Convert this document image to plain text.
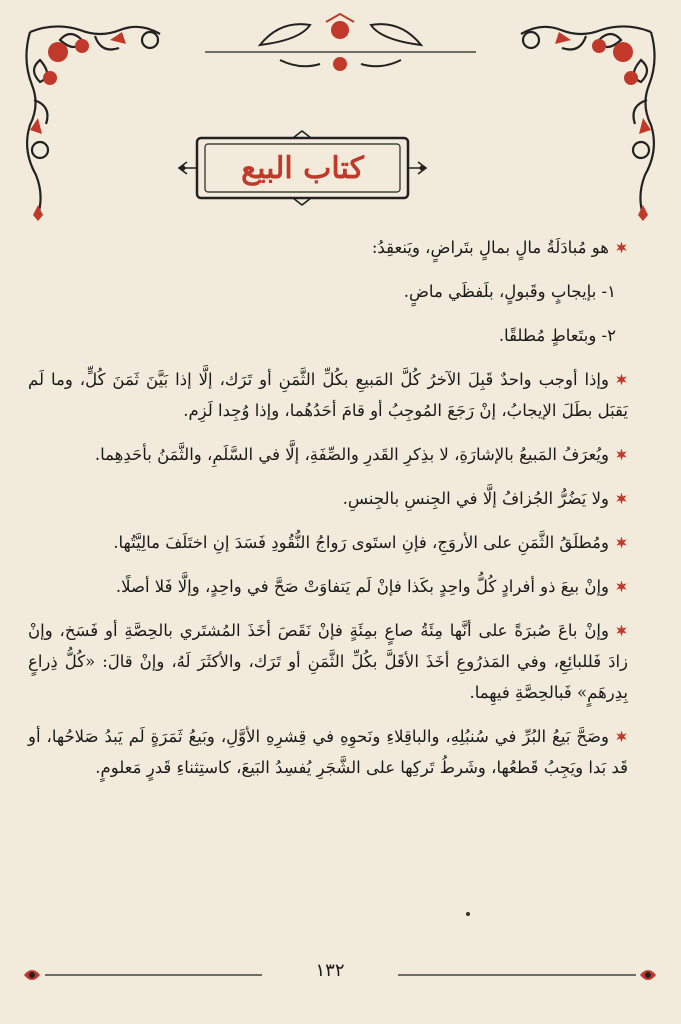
كتاب البيع

هو مُبادَلَةُ مالٍ بمالٍ بتَراضٍ، ويَنعقِدُ:

١- بإيجابٍ وقَبولٍ، بلَفظَي ماضٍ.

٢- وبتَعاطٍ مُطلقًا.

وإذا أوجب واحدٌ قَبِلَ الآخرُ كُلَّ المَبيعِ بكُلِّ الثَّمَنِ أو تَرَك، إلَّا إذا بَيَّنَ ثَمَنَ كُلٍّ، وما لَم يَقبَل بطَلَ الإيجابُ، إنْ رَجَعَ المُوجِبُ أو قامَ أحَدُهُما، وإذا وُجِدا لَزِم.

ويُعرَفُ المَبيعُ بالإشارَةِ، لا بذِكرِ القَدرِ والصِّفَةِ، إلَّا في السَّلَمِ، والثَّمَنُ بأحَدِهِما.

ولا يَضُرُّ الجُزافُ إلَّا في الجِنسِ بالجِنسِ.

ومُطلَقُ الثَّمَنِ على الأروَجِ، فإنِ استَوى رَواجُ النُّقُودِ فَسَدَ إنِ اختَلَفَ مالِيَّتُها.

وإنْ بيعَ ذو أفرادٍ كُلُّ واحِدٍ بكَذا فإنْ لَم يَتفاوَتْ صَحَّ في واحِدٍ، وإلَّا فَلا أصلًا.

وإنْ باعَ صُبرَةً على أنَّها مِئَةُ صاعٍ بمِئَةٍ فإنْ نَقَصَ أخَذَ المُشتَري بالحِصَّةِ أو فَسَخ، وإنْ زادَ فَللبائِعِ، وفي المَذرُوعِ أخَذَ الأقَلَّ بكُلِّ الثَّمَنِ أو تَرَك، والأكثَرَ لَهُ، وإنْ قالَ: «كُلُّ ذِراعٍ بِدِرهَمٍ» فَبالحِصَّةِ فيهِما.

وصَحَّ بَيعُ البُرِّ في سُنبُلِهِ، والباقِلاءِ ونَحوِهِ في قِشرِهِ الأوَّلِ، وبَيعُ ثَمَرَةٍ لَم يَبدُ صَلاحُها، أو قَد بَدا ويَجِبُ قَطعُها، وشَرطُ تَركِها على الشَّجَرِ يُفسِدُ البَيعَ، كاستِثناءِ قَدرٍ مَعلومٍ.

١٣٢
